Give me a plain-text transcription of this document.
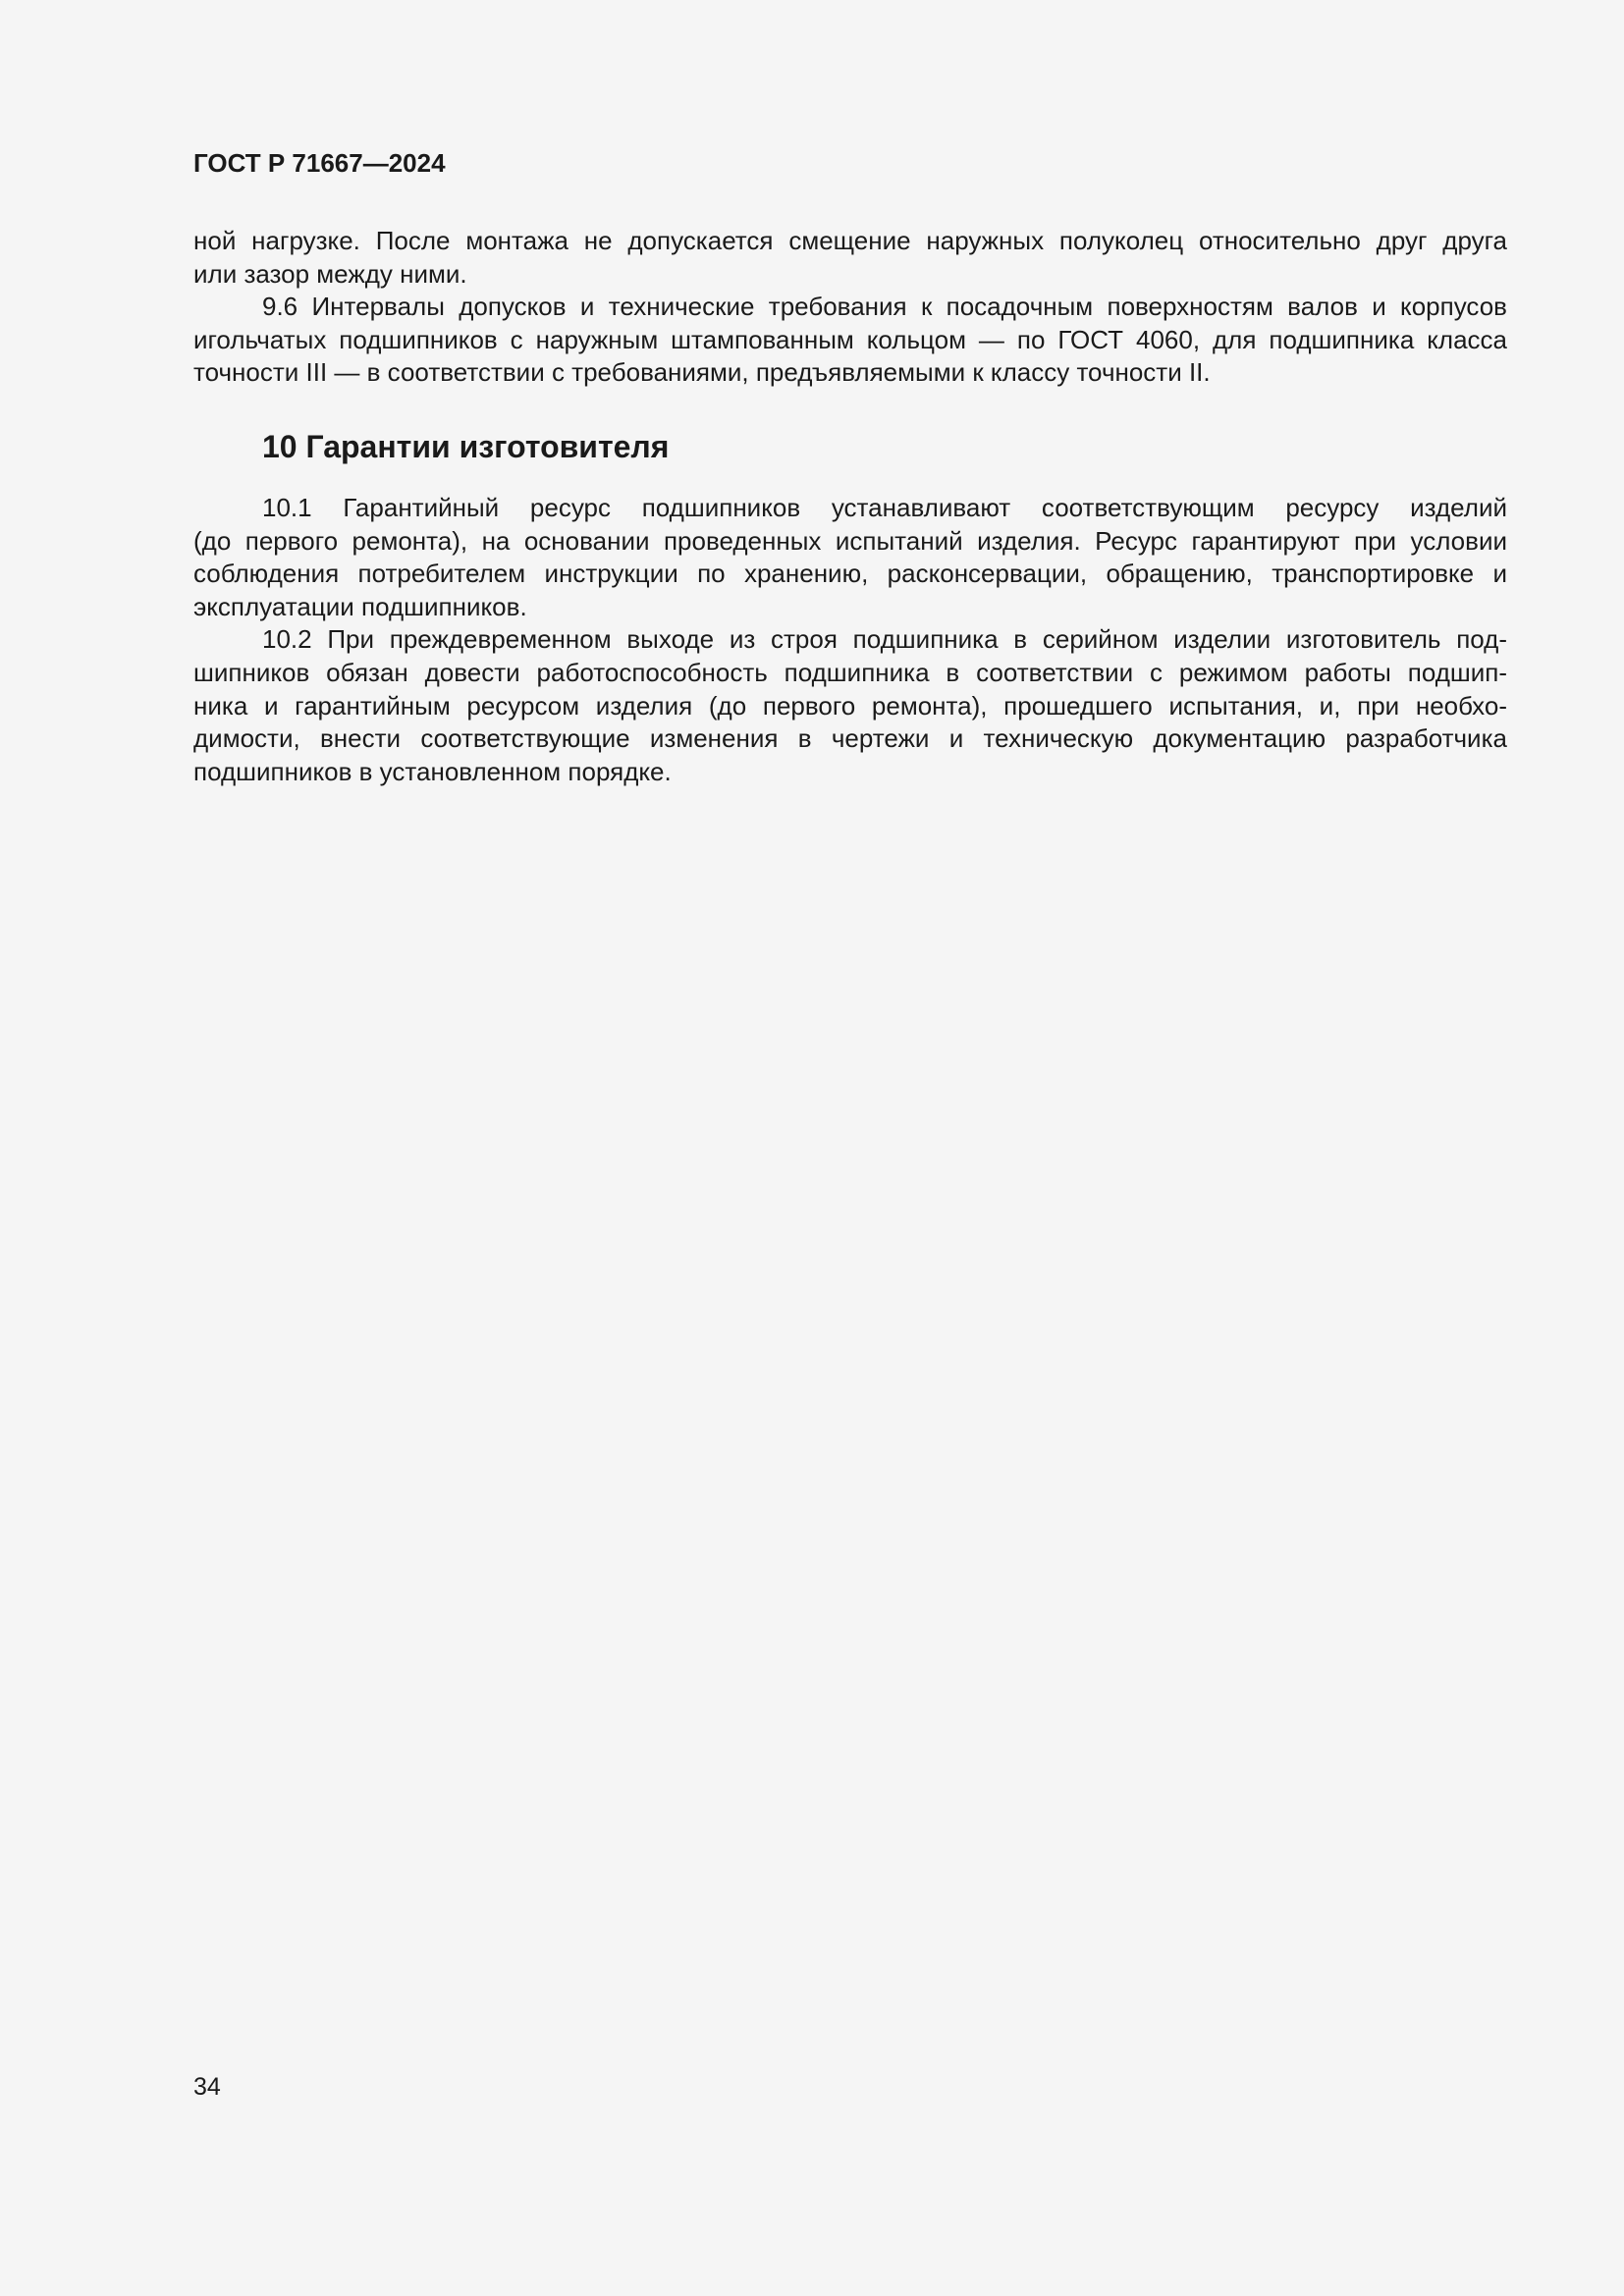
ГОСТ Р 71667—2024
ной нагрузке. После монтажа не допускается смещение наружных полуколец относительно друг друга
или зазор между ними.
9.6 Интервалы допусков и технические требования к посадочным поверхностям валов и корпусов
игольчатых подшипников с наружным штампованным кольцом — по ГОСТ 4060, для подшипника класса
точности III — в соответствии с требованиями, предъявляемыми к классу точности II.
10 Гарантии изготовителя
10.1 Гарантийный ресурс подшипников устанавливают соответствующим ресурсу изделий
(до первого ремонта), на основании проведенных испытаний изделия. Ресурс гарантируют при условии
соблюдения потребителем инструкции по хранению, расконсервации, обращению, транспортировке и
эксплуатации подшипников.
10.2 При преждевременном выходе из строя подшипника в серийном изделии изготовитель под-
шипников обязан довести работоспособность подшипника в соответствии с режимом работы подшип-
ника и гарантийным ресурсом изделия (до первого ремонта), прошедшего испытания, и, при необхо-
димости, внести соответствующие изменения в чертежи и техническую документацию разработчика
подшипников в установленном порядке.
34
